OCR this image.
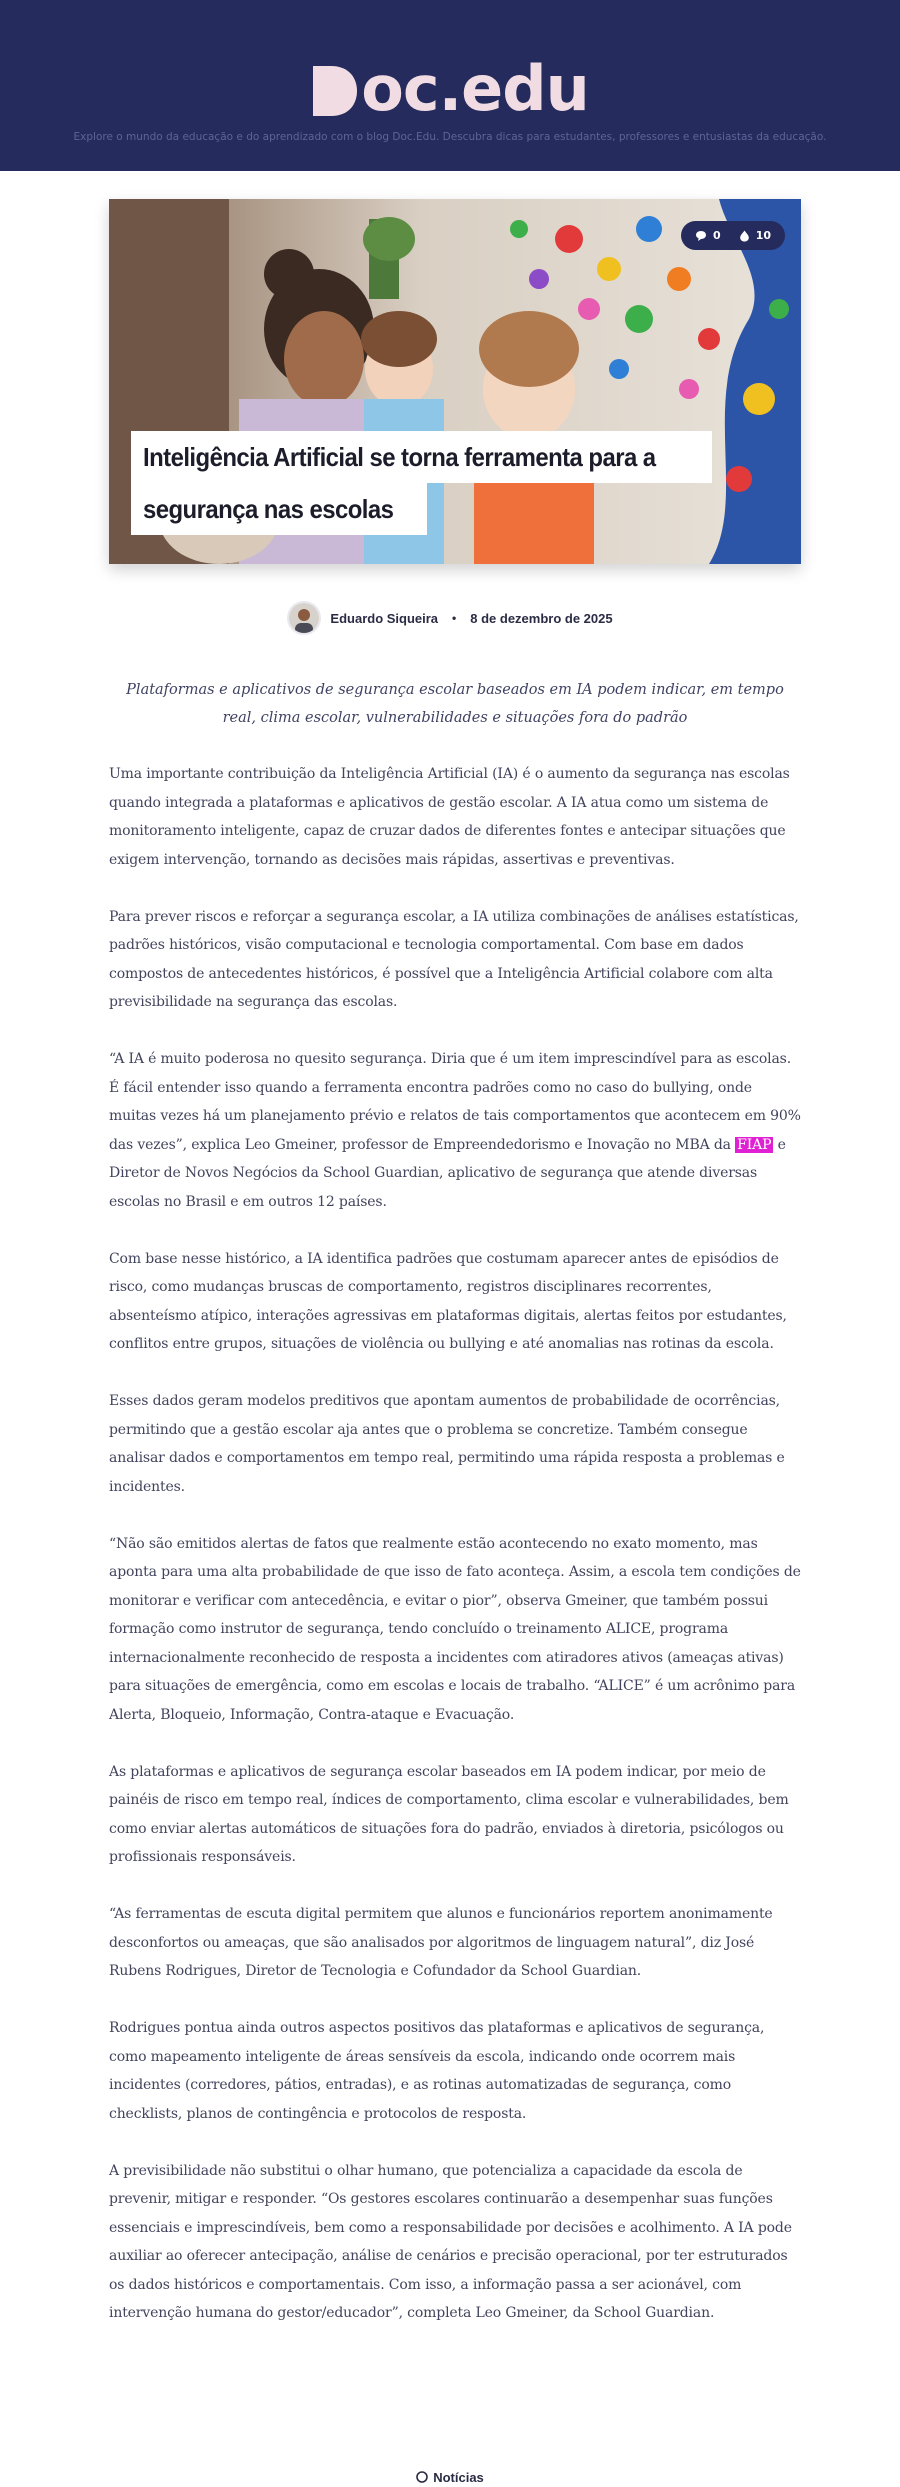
oc.edu
Explore o mundo da educação e do aprendizado com o blog Doc.Edu. Descubra dicas para estudantes, professores e entusiastas da educação.
0	10
Inteligência Artificial se torna ferramenta para a

segurança nas escolas
Eduardo Siqueira • 8 de dezembro de 2025

Plataformas e aplicativos de segurança escolar baseados em IA podem indicar, em tempo real, clima escolar, vulnerabilidades e situações fora do padrão

Uma importante contribuição da Inteligência Artificial (IA) é o aumento da segurança nas escolas quando integrada a plataformas e aplicativos de gestão escolar. A IA atua como um sistema de monitoramento inteligente, capaz de cruzar dados de diferentes fontes e antecipar situações que exigem intervenção, tornando as decisões mais rápidas, assertivas e preventivas.

Para prever riscos e reforçar a segurança escolar, a IA utiliza combinações de análises estatísticas, padrões históricos, visão computacional e tecnologia comportamental. Com base em dados compostos de antecedentes históricos, é possível que a Inteligência Artificial colabore com alta previsibilidade na segurança das escolas.

“A IA é muito poderosa no quesito segurança. Diria que é um item imprescindível para as escolas. É fácil entender isso quando a ferramenta encontra padrões como no caso do bullying, onde muitas vezes há um planejamento prévio e relatos de tais comportamentos que acontecem em 90% das vezes”, explica Leo Gmeiner, professor de Empreendedorismo e Inovação no MBA da FIAP e Diretor de Novos Negócios da School Guardian, aplicativo de segurança que atende diversas escolas no Brasil e em outros 12 países.

Com base nesse histórico, a IA identifica padrões que costumam aparecer antes de episódios de risco, como mudanças bruscas de comportamento, registros disciplinares recorrentes, absenteísmo atípico, interações agressivas em plataformas digitais, alertas feitos por estudantes, conflitos entre grupos, situações de violência ou bullying e até anomalias nas rotinas da escola.

Esses dados geram modelos preditivos que apontam aumentos de probabilidade de ocorrências, permitindo que a gestão escolar aja antes que o problema se concretize. Também consegue analisar dados e comportamentos em tempo real, permitindo uma rápida resposta a problemas e incidentes.

“Não são emitidos alertas de fatos que realmente estão acontecendo no exato momento, mas aponta para uma alta probabilidade de que isso de fato aconteça. Assim, a escola tem condições de monitorar e verificar com antecedência, e evitar o pior”, observa Gmeiner, que também possui formação como instrutor de segurança, tendo concluído o treinamento ALICE, programa internacionalmente reconhecido de resposta a incidentes com atiradores ativos (ameaças ativas) para situações de emergência, como em escolas e locais de trabalho. “ALICE” é um acrônimo para Alerta, Bloqueio, Informação, Contra-ataque e Evacuação.

As plataformas e aplicativos de segurança escolar baseados em IA podem indicar, por meio de painéis de risco em tempo real, índices de comportamento, clima escolar e vulnerabilidades, bem como enviar alertas automáticos de situações fora do padrão, enviados à diretoria, psicólogos ou profissionais responsáveis.

“As ferramentas de escuta digital permitem que alunos e funcionários reportem anonimamente desconfortos ou ameaças, que são analisados por algoritmos de linguagem natural”, diz José Rubens Rodrigues, Diretor de Tecnologia e Cofundador da School Guardian.

Rodrigues pontua ainda outros aspectos positivos das plataformas e aplicativos de segurança, como mapeamento inteligente de áreas sensíveis da escola, indicando onde ocorrem mais incidentes (corredores, pátios, entradas), e as rotinas automatizadas de segurança, como checklists, planos de contingência e protocolos de resposta.

A previsibilidade não substitui o olhar humano, que potencializa a capacidade da escola de prevenir, mitigar e responder. “Os gestores escolares continuarão a desempenhar suas funções essenciais e imprescindíveis, bem como a responsabilidade por decisões e acolhimento. A IA pode auxiliar ao oferecer antecipação, análise de cenários e precisão operacional, por ter estruturados os dados históricos e comportamentais. Com isso, a informação passa a ser acionável, com intervenção humana do gestor/educador”, completa Leo Gmeiner, da School Guardian.

Notícias
